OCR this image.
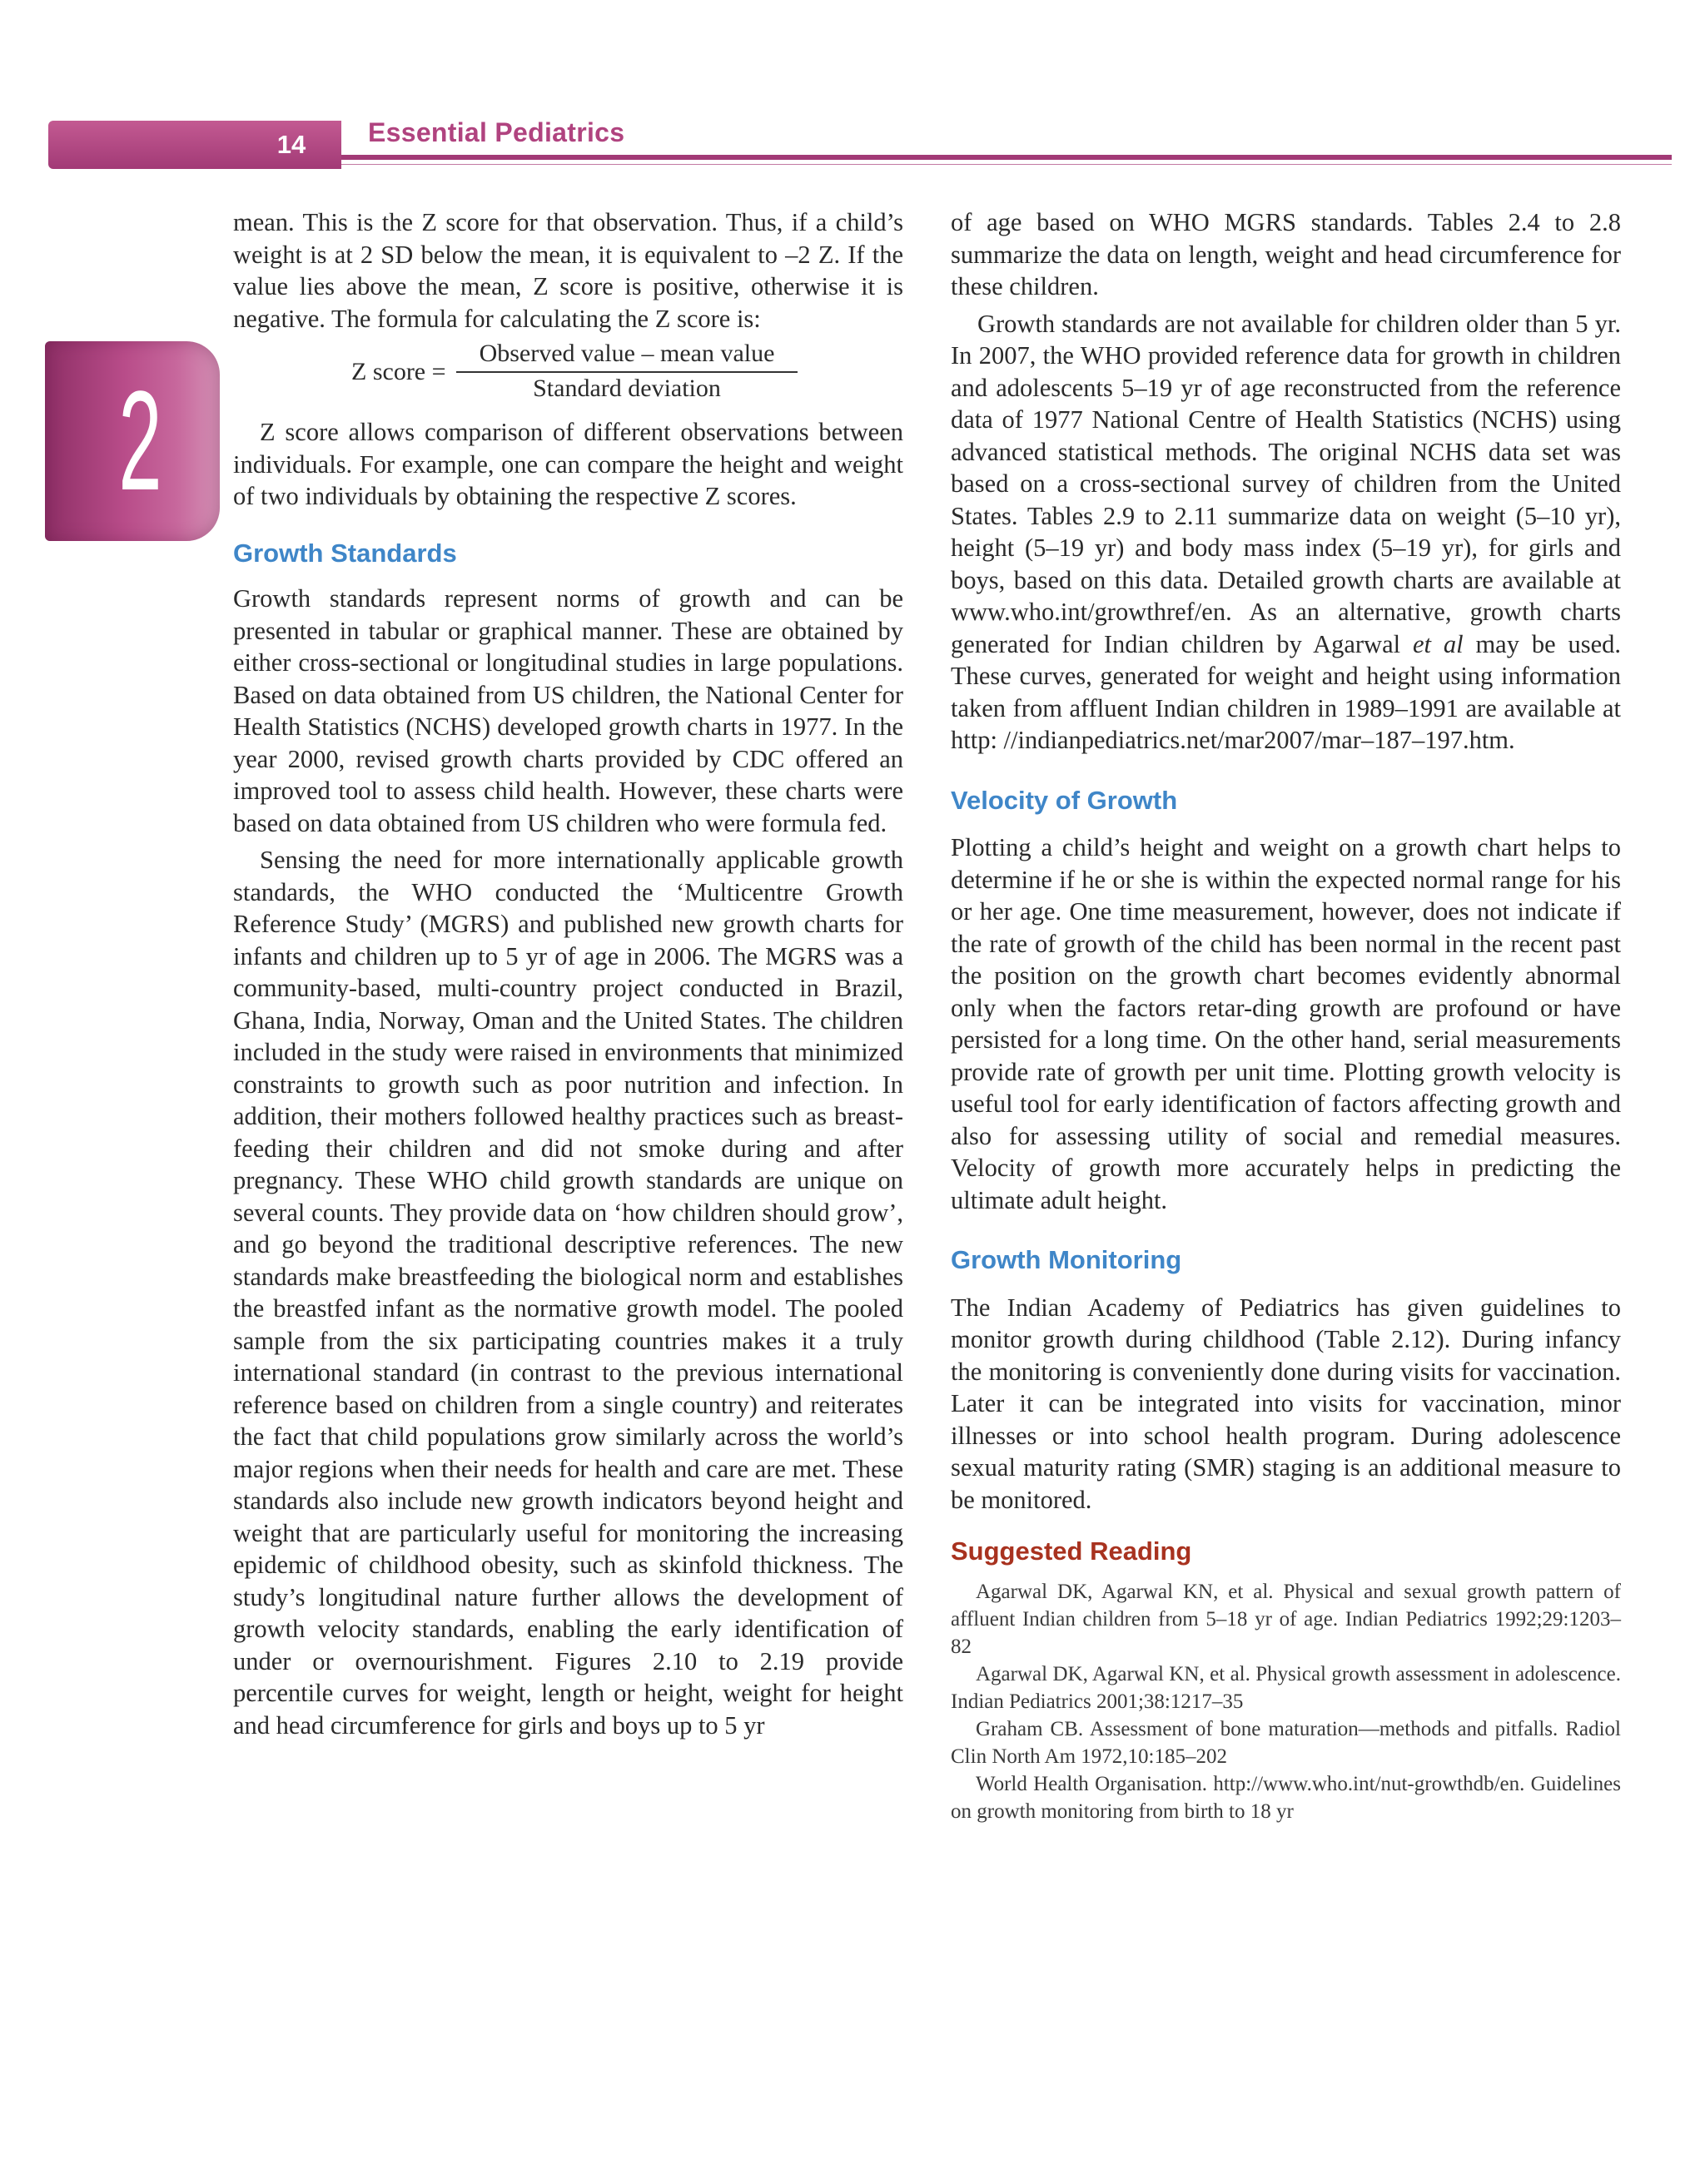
14	Essential Pediatrics
2

mean. This is the Z score for that observation. Thus, if a child’s weight is at 2 SD below the mean, it is equivalent to –2 Z. If the value lies above the mean, Z score is positive, otherwise it is negative. The formula for calculating the Z score is:

Z score =
Observed value – mean value
Standard deviation

Z score allows comparison of different observations between individuals. For example, one can compare the height and weight of two individuals by obtaining the respective Z scores.

Growth Standards

Growth standards represent norms of growth and can be presented in tabular or graphical manner. These are obtained by either cross-sectional or longitudinal studies in large populations. Based on data obtained from US children, the National Center for Health Statistics (NCHS) developed growth charts in 1977. In the year 2000, revised growth charts provided by CDC offered an improved tool to assess child health. However, these charts were based on data obtained from US children who were formula fed.

Sensing the need for more internationally applicable growth standards, the WHO conducted the ‘Multicentre Growth Reference Study’ (MGRS) and published new growth charts for infants and children up to 5 yr of age in 2006. The MGRS was a community-based, multi-country project conducted in Brazil, Ghana, India, Norway, Oman and the United States. The children included in the study were raised in environments that minimized constraints to growth such as poor nutrition and infection. In addition, their mothers followed healthy practices such as breast-feeding their children and did not smoke during and after pregnancy. These WHO child growth standards are unique on several counts. They provide data on ‘how children should grow’, and go beyond the traditional descriptive references. The new standards make breastfeeding the biological norm and establishes the breastfed infant as the normative growth model. The pooled sample from the six participating countries makes it a truly international standard (in contrast to the previous international reference based on children from a single country) and reiterates the fact that child populations grow similarly across the world’s major regions when their needs for health and care are met. These standards also include new growth indicators beyond height and weight that are particularly useful for monitoring the increasing epidemic of childhood obesity, such as skinfold thickness. The study’s longitudinal nature further allows the development of growth velocity standards, enabling the early identification of under or overnourishment. Figures 2.10 to 2.19 provide percentile curves for weight, length or height, weight for height and head circumference for girls and boys up to 5 yr

of age based on WHO MGRS standards. Tables 2.4 to 2.8 summarize the data on length, weight and head circumference for these children.

Growth standards are not available for children older than 5 yr. In 2007, the WHO provided reference data for growth in children and adolescents 5–19 yr of age reconstructed from the reference data of 1977 National Centre of Health Statistics (NCHS) using advanced statistical methods. The original NCHS data set was based on a cross-sectional survey of children from the United States. Tables 2.9 to 2.11 summarize data on weight (5–10 yr), height (5–19 yr) and body mass index (5–19 yr), for girls and boys, based on this data. Detailed growth charts are available at www.who.int/growthref/en. As an alternative, growth charts generated for Indian children by Agarwal et al may be used. These curves, generated for weight and height using information taken from affluent Indian children in 1989–1991 are available at http: //indianpediatrics.net/mar2007/mar–187–197.htm.

Velocity of Growth

Plotting a child’s height and weight on a growth chart helps to determine if he or she is within the expected normal range for his or her age. One time measurement, however, does not indicate if the rate of growth of the child has been normal in the recent past the position on the growth chart becomes evidently abnormal only when the factors retar-ding growth are profound or have persisted for a long time. On the other hand, serial measurements provide rate of growth per unit time. Plotting growth velocity is useful tool for early identification of factors affecting growth and also for assessing utility of social and remedial measures. Velocity of growth more accurately helps in predicting the ultimate adult height.

Growth Monitoring

The Indian Academy of Pediatrics has given guidelines to monitor growth during childhood (Table 2.12). During infancy the monitoring is conveniently done during visits for vaccination. Later it can be integrated into visits for vaccination, minor illnesses or into school health program. During adolescence sexual maturity rating (SMR) staging is an additional measure to be monitored.

Suggested Reading

Agarwal DK, Agarwal KN, et al. Physical and sexual growth pattern of affluent Indian children from 5–18 yr of age. Indian Pediatrics 1992;29:1203–82

Agarwal DK, Agarwal KN, et al. Physical growth assessment in adolescence. Indian Pediatrics 2001;38:1217–35

Graham CB. Assessment of bone maturation—methods and pitfalls. Radiol Clin North Am 1972,10:185–202

World Health Organisation. http://www.who.int/nut-growthdb/en. Guidelines on growth monitoring from birth to 18 yr
